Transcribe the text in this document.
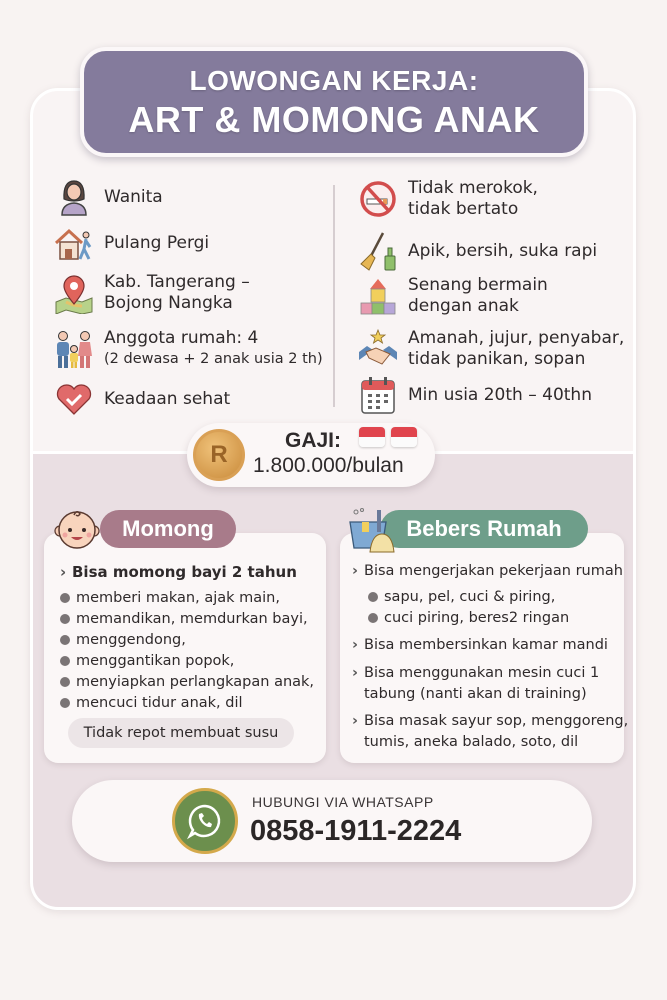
LOWONGAN KERJA:
ART & MOMONG ANAK
Wanita
Pulang Pergi
Kab. Tangerang –
Bojong Nangka
Anggota rumah: 4
(2 dewasa + 2 anak usia 2 th)
Keadaan sehat
Tidak merokok,
tidak bertato
Apik, bersih, suka rapi
Senang bermain
dengan anak
Amanah, jujur, penyabar,
tidak panikan, sopan
Min usia 20th – 40thn
R
GAJI:
1.800.000/bulan
Momong
› Bisa momong bayi 2 tahun
memberi makan, ajak main,
memandikan, memdurkan bayi,
menggendong,
menggantikan popok,
menyiapkan perlangkapan anak,
mencuci tidur anak, dil
Tidak repot membuat susu
Bebers Rumah
› Bisa mengerjakan pekerjaan rumah
sapu, pel, cuci & piring,
cuci piring, beres2 ringan
› Bisa membersinkan kamar mandi
› Bisa menggunakan mesin cuci 1
tabung (nanti akan di training)
› Bisa masak sayur sop, menggoreng,
tumis, aneka balado, soto, dil
HUBUNGI VIA WHATSAPP
0858-1911-2224
